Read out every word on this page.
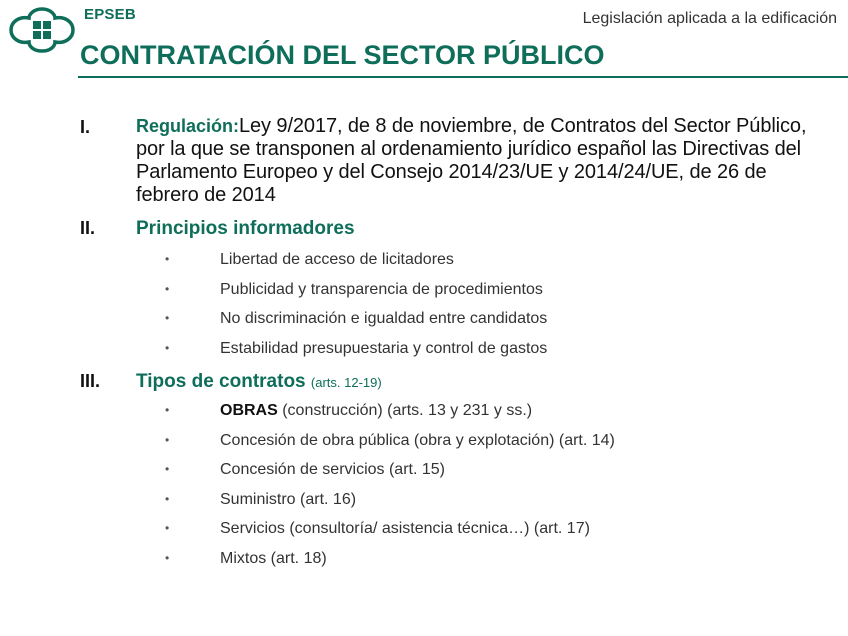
EPSEB	Legislación aplicada a la edificación
CONTRATACIÓN DEL SECTOR PÚBLICO
I.	Regulación:Ley 9/2017, de 8 de noviembre, de Contratos del Sector Público, por la que se transponen al ordenamiento jurídico español las Directivas del Parlamento Europeo y del Consejo 2014/23/UE y 2014/24/UE, de 26 de febrero de 2014
II. Principios informadores
•	Libertad de acceso de licitadores
•	Publicidad y transparencia de procedimientos
•	No discriminación e igualdad entre candidatos
•	Estabilidad presupuestaria y control de gastos
III. Tipos de contratos (arts. 12-19)
•	OBRAS (construcción) (arts. 13 y 231 y ss.)
•	Concesión de obra pública (obra y explotación) (art. 14)
•	Concesión de servicios (art. 15)
•	Suministro (art. 16)
•	Servicios (consultoría/ asistencia técnica…) (art. 17)
•	Mixtos (art. 18)
